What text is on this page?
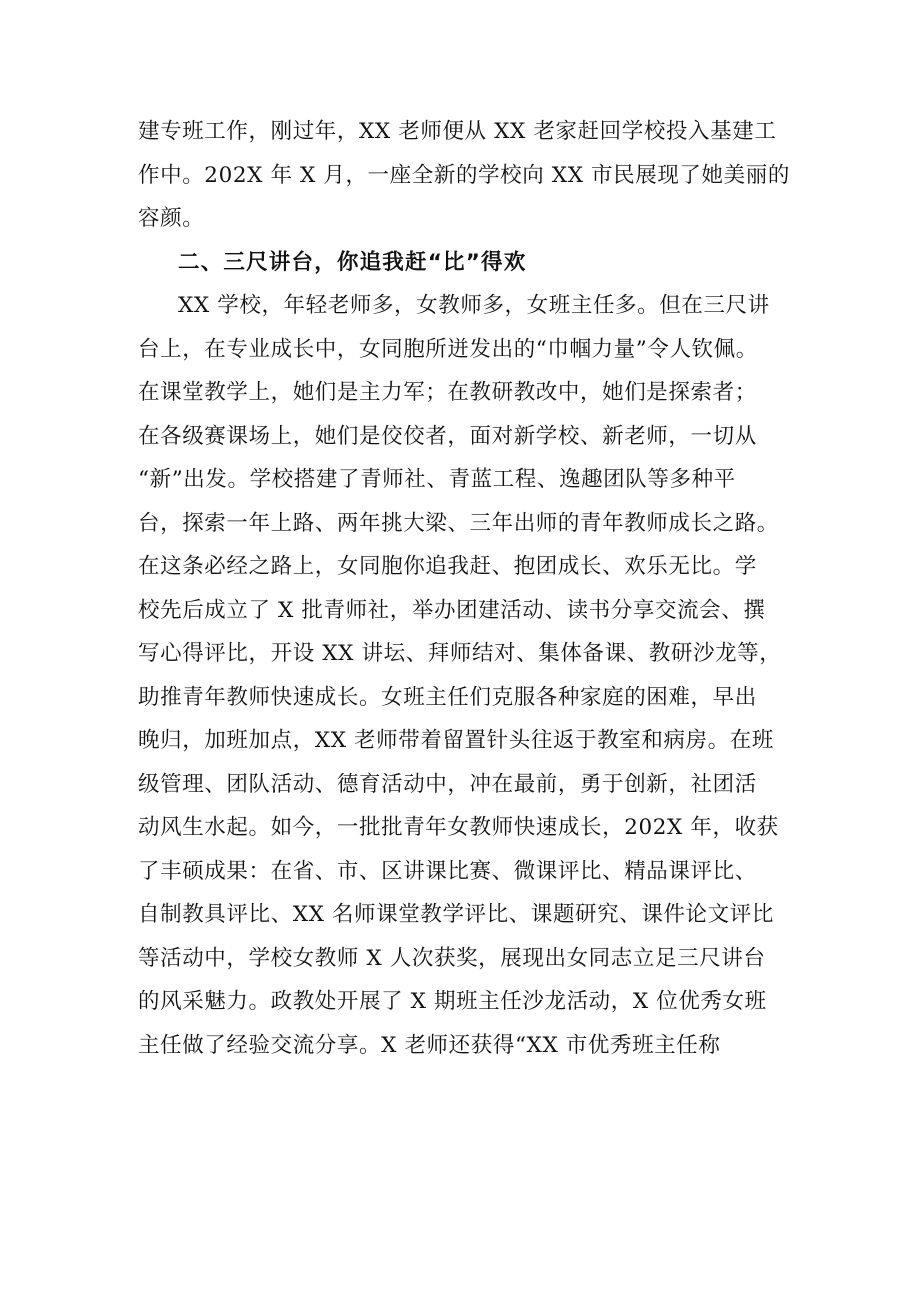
建专班工作，刚过年，XX 老师便从 XX 老家赶回学校投入基建工
作中。202X 年 X 月，一座全新的学校向 XX 市民展现了她美丽的
容颜。
二、三尺讲台，你追我赶“比”得欢
XX 学校，年轻老师多，女教师多，女班主任多。但在三尺讲
台上，在专业成长中，女同胞所迸发出的“巾帼力量”令人钦佩。
在课堂教学上，她们是主力军；在教研教改中，她们是探索者；
在各级赛课场上，她们是佼佼者，面对新学校、新老师，一切从
“新”出发。学校搭建了青师社、青蓝工程、逸趣团队等多种平
台，探索一年上路、两年挑大梁、三年出师的青年教师成长之路。
在这条必经之路上，女同胞你追我赶、抱团成长、欢乐无比。学
校先后成立了 X 批青师社，举办团建活动、读书分享交流会、撰
写心得评比，开设 XX 讲坛、拜师结对、集体备课、教研沙龙等，
助推青年教师快速成长。女班主任们克服各种家庭的困难，早出
晚归，加班加点，XX 老师带着留置针头往返于教室和病房。在班
级管理、团队活动、德育活动中，冲在最前，勇于创新，社团活
动风生水起。如今，一批批青年女教师快速成长，202X 年，收获
了丰硕成果：在省、市、区讲课比赛、微课评比、精品课评比、
自制教具评比、XX 名师课堂教学评比、课题研究、课件论文评比
等活动中，学校女教师 X 人次获奖，展现出女同志立足三尺讲台
的风采魅力。政教处开展了 X 期班主任沙龙活动，X 位优秀女班
主任做了经验交流分享。X 老师还获得“XX 市优秀班主任称
